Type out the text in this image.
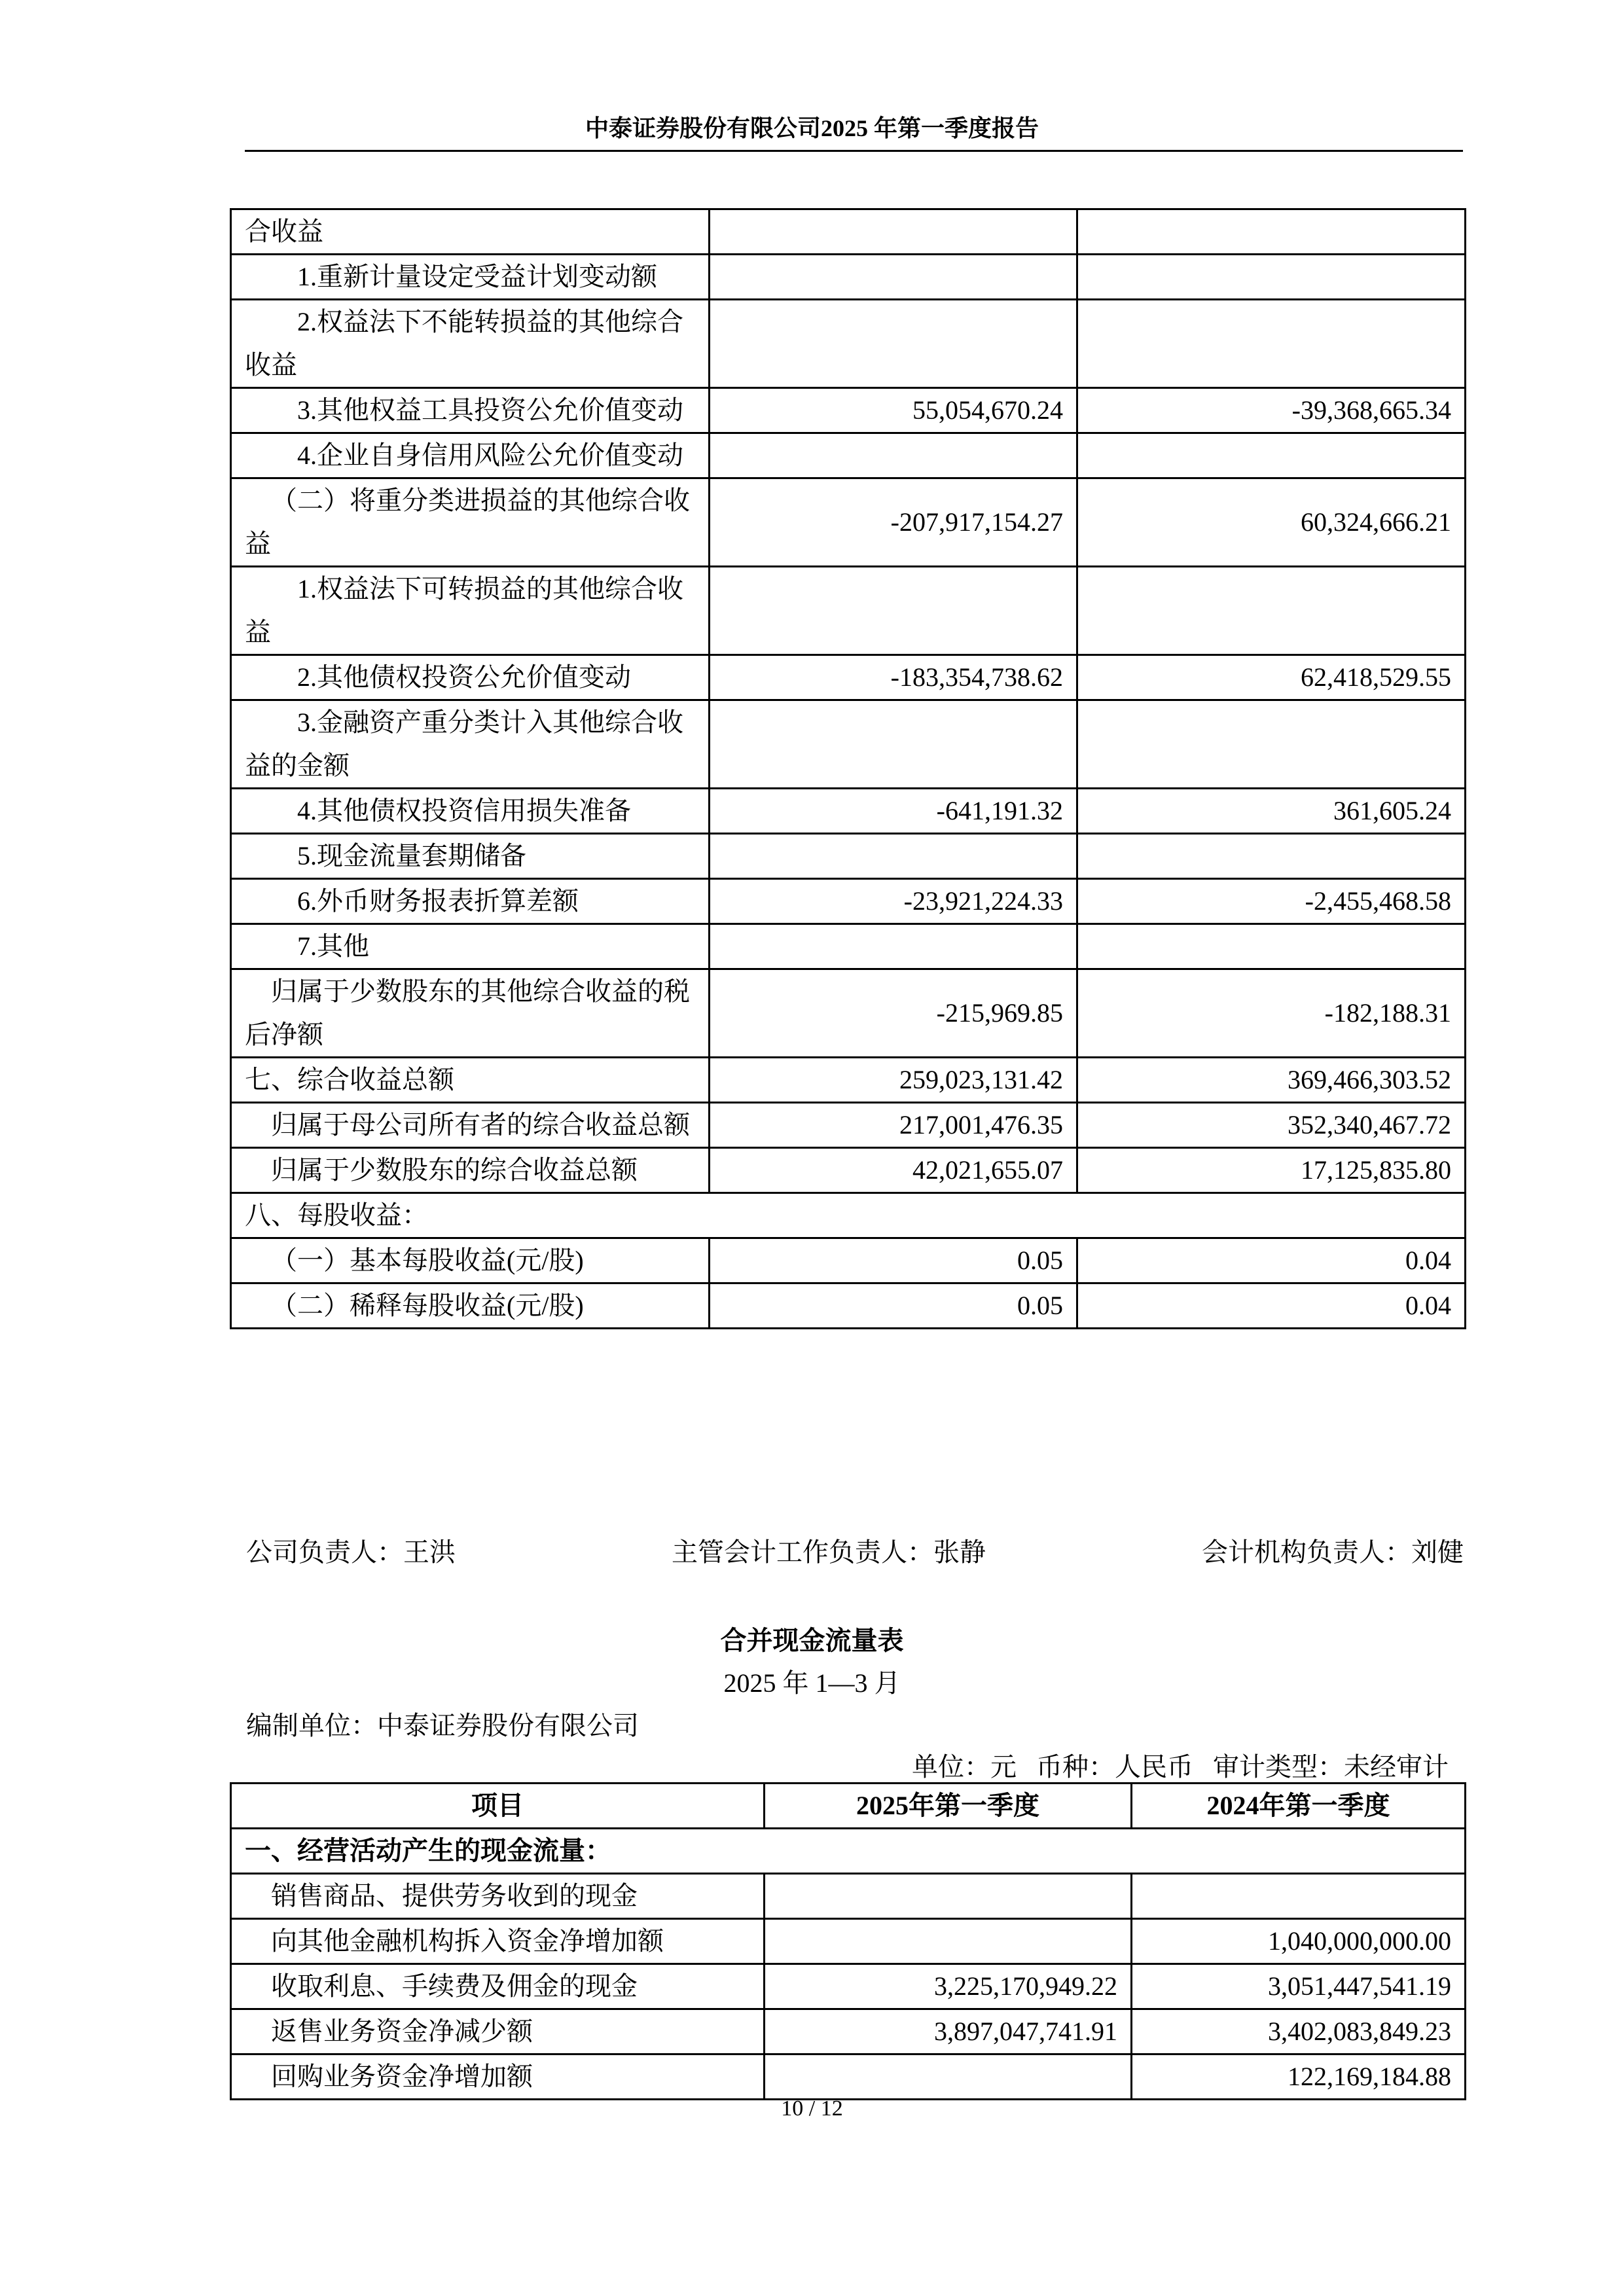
中泰证券股份有限公司2025 年第一季度报告
合收益		
1.重新计量设定受益计划变动额		
2.权益法下不能转损益的其他综合收益		
3.其他权益工具投资公允价值变动	55,054,670.24	-39,368,665.34
4.企业自身信用风险公允价值变动		
（二）将重分类进损益的其他综合收益	-207,917,154.27	60,324,666.21
1.权益法下可转损益的其他综合收益		
2.其他债权投资公允价值变动	-183,354,738.62	62,418,529.55
3.金融资产重分类计入其他综合收益的金额		
4.其他债权投资信用损失准备	-641,191.32	361,605.24
5.现金流量套期储备		
6.外币财务报表折算差额	-23,921,224.33	-2,455,468.58
7.其他		
归属于少数股东的其他综合收益的税后净额	-215,969.85	-182,188.31
七、综合收益总额	259,023,131.42	369,466,303.52
归属于母公司所有者的综合收益总额	217,001,476.35	352,340,467.72
归属于少数股东的综合收益总额	42,021,655.07	17,125,835.80
八、每股收益：		
（一）基本每股收益(元/股)	0.05	0.04
（二）稀释每股收益(元/股)	0.05	0.04
公司负责人：王洪	主管会计工作负责人：张静	会计机构负责人：刘健
合并现金流量表
2025 年 1—3 月
编制单位：中泰证券股份有限公司
单位：元   币种：人民币   审计类型：未经审计
项目	2025年第一季度	2024年第一季度
一、经营活动产生的现金流量：		
销售商品、提供劳务收到的现金		
向其他金融机构拆入资金净增加额		1,040,000,000.00
收取利息、手续费及佣金的现金	3,225,170,949.22	3,051,447,541.19
返售业务资金净减少额	3,897,047,741.91	3,402,083,849.23
回购业务资金净增加额		122,169,184.88
10 / 12
